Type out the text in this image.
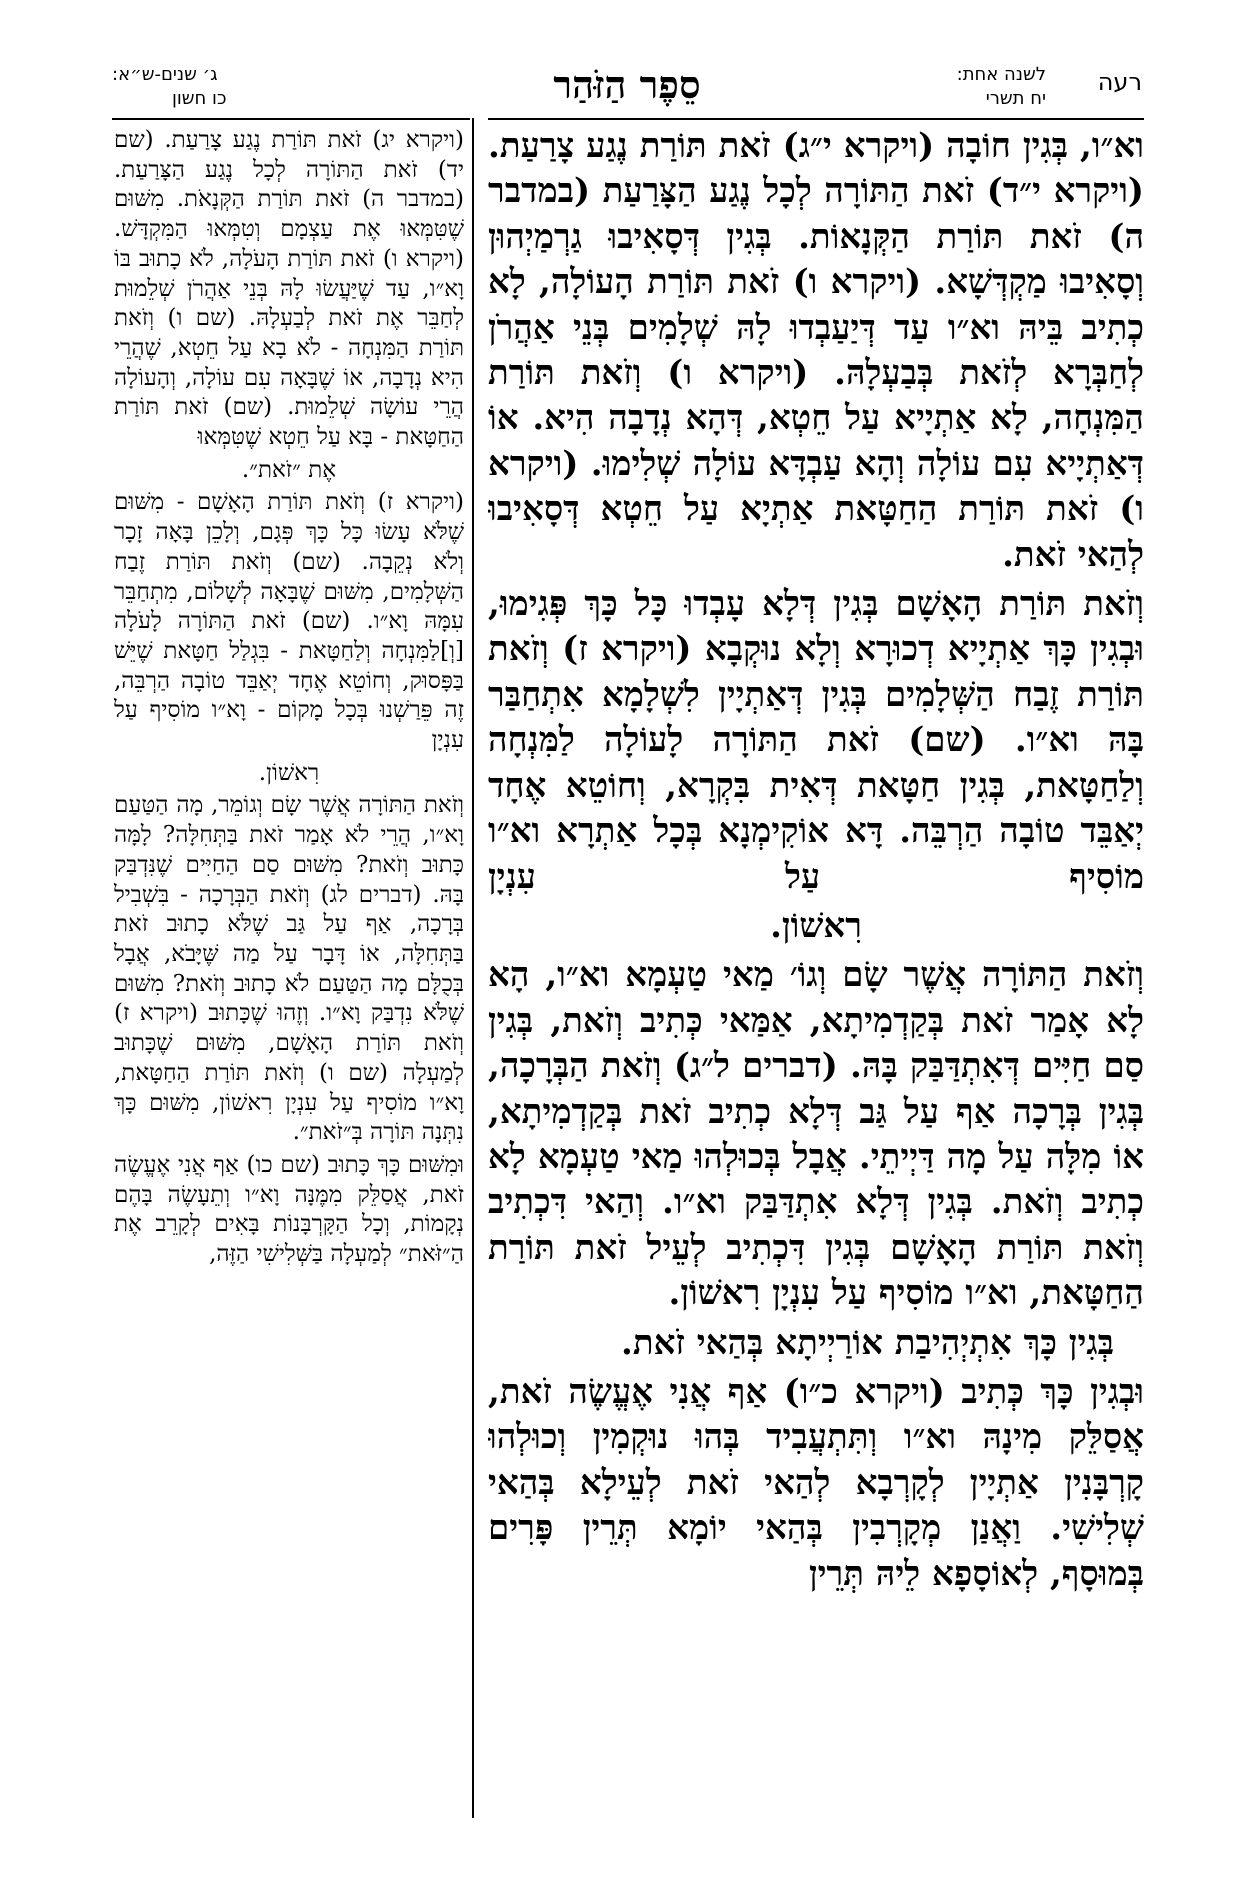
רעה
לשנה אחת:
יח תשרי
סֵפֶר הַזֹּהַר
ג׳ שנים-ש״א:
כו חשון

וא״ו, בְּגִין חוֹבָה (ויקרא י״ג) זֹאת תּוֹרַת נֶגַע צָרַעַת. (ויקרא י״ד) זֹאת הַתּוֹרָה לְכָל נֶגַע הַצָּרַעַת (במדבר ה) זֹאת תּוֹרַת הַקְּנָאוֹת. בְּגִין דְּסָאִיבוּ גַרְמַיְהוּן וְסָאִיבוּ מַקְדְּשָׁא. (ויקרא ו) זֹאת תּוֹרַת הָעוֹלָה, לָא כְתִיב בֵּיהּ וא״ו עַד דְּיַעַבְדוּ לָהּ שְׁלָמִים בְּנֵי אַהֲרֹן לְחַבְּרָא לְזֹאת בְּבַעְלָהּ. (ויקרא ו) וְזֹאת תּוֹרַת הַמִּנְחָה, לָא אַתְיָיא עַל חֵטְא, דְּהָא נְדָבָה הִיא. אוֹ דְּאַתְיָיא עִם עוֹלָה וְהָא עַבְדָּא עוֹלָה שְׁלִימוּ. (ויקרא ו) זֹאת תּוֹרַת הַחַטָּאת אַתְיָא עַל חֵטְא דְּסָאִיבוּ לְהַאי זֹאת.

וְזֹאת תּוֹרַת הָאָשָׁם בְּגִין דְּלָא עָבְדוּ כָּל כָּךְ פְּגִימוּ, וּבְגִין כָּךְ אַתְיָיא דְכוּרָא וְלָא נוּקְבָא (ויקרא ז) וְזֹאת תּוֹרַת זֶבַח הַשְּׁלָמִים בְּגִין דְּאַתְיָין לִשְׁלָמָא אִתְחַבַּר בָּהּ וא״ו. (שם) זֹאת הַתּוֹרָה לָעוֹלָה לַמִּנְחָה וְלַחַטָּאת, בְּגִין חַטָּאת דְּאִית בִּקְרָא, וְחוֹטֵא אֶחָד יְאַבֵּד טוֹבָה הַרְבֵּה. דָּא אוֹקִימְנָא בְּכָל אַתְרָא וא״ו מוֹסִיף עַל עִנְיָן

רִאשׁוֹן.

וְזֹאת הַתּוֹרָה אֲשֶׁר שָׂם וְגוֹ׳ מַאי טַעְמָא וא״ו, הָא לָא אָמַר זֹאת בְּקַדְמִיתָא, אַמַּאי כְּתִיב וְזֹאת, בְּגִין סַם חַיִּים דְּאִתְדַּבַּק בָּהּ. (דברים ל״ג) וְזֹאת הַבְּרָכָה, בְּגִין בְּרָכָה אַף עַל גַּב דְּלָא כְתִיב זֹאת בְּקַדְמִיתָא, אוֹ מִלָּה עַל מָה דַּיְיתֵי. אֲבָל בְּכוּלְהוּ מַאי טַעְמָא לָא כְתִיב וְזֹאת. בְּגִין דְּלָא אִתְדַּבַּק וא״ו. וְהַאי דִּכְתִיב וְזֹאת תּוֹרַת הָאָשָׁם בְּגִין דִּכְתִיב לְעֵיל זֹאת תּוֹרַת הַחַטָּאת, וא״ו מוֹסִיף עַל עִנְיָן רִאשׁוֹן.

בְּגִין כָּךְ אִתְיְהִיבַת אוֹרַיְיתָא בְּהַאי זֹאת.

וּבְגִין כָּךְ כְּתִיב (ויקרא כ״ו) אַף אֲנִי אֶעֱשֶׂה זֹאת, אֲסַלֵּק מִינָהּ וא״ו וְתִּתְעֲבִיד בְּהוּ נוּקְמִין וְכוּלְהוּ קָרְבָּנִין אַתְיָין לְקָרְבָא לְהַאי זֹאת לְעֵילָא בְּהַאי שְׁלִישִׁי. וַאֲנַן מְקָרְבִין בְּהַאי יוֹמָא תְּרֵין פָּרִים בְּמוּסָף, לְאוֹסָפָא לֵיהּ תְּרֵין

(ויקרא יג) זֹאת תּוֹרַת נֶגַע צָרַעַת. (שם יד) זֹאת הַתּוֹרָה לְכָל נֶגַע הַצָּרַעַת. (במדבר ה) זֹאת תּוֹרַת הַקְּנָאֹת. מִשּׁוּם שֶׁטִּמְּאוּ אֶת עַצְמָם וְטִמְּאוּ הַמִּקְדָּשׁ. (ויקרא ו) זֹאת תּוֹרַת הָעֹלָה, לֹא כָתוּב בּוֹ וָא״ו, עַד שֶׁיַּעֲשׂוּ לָהּ בְּנֵי אַהֲרֹן שְׁלֵמוּת לְחַבֵּר אֶת זֹאת לְבַעְלָהּ. (שם ו) וְזֹאת תּוֹרַת הַמִּנְחָה - לֹא בָא עַל חֵטְא, שֶׁהֲרֵי הִיא נְדָבָה, אוֹ שֶׁבָּאָה עִם עוֹלָה, וְהָעוֹלָה הֲרֵי עוֹשָׂה שְׁלֵמוּת. (שם) זֹאת תּוֹרַת הַחַטָּאת - בָּא עַל חֵטְא שֶׁטִּמְּאוּ

אֶת ״זֹאת״.

(ויקרא ז) וְזֹאת תּוֹרַת הָאָשָׁם - מִשּׁוּם שֶׁלֹּא עָשׂוּ כָּל כָּךְ פְּגָם, וְלָכֵן בָּאָה זָכָר וְלֹא נְקֵבָה. (שם) וְזֹאת תּוֹרַת זֶבַח הַשְּׁלָמִים, מִשּׁוּם שֶׁבָּאָה לְשָׁלוֹם, מִתְחַבֵּר עִמָּהּ וָא״ו. (שם) זֹאת הַתּוֹרָה לָעֹלָה [וְ]לַמִּנְחָה וְלַחַטָּאת - בִּגְלַל חַטָּאת שֶׁיֵּשׁ בַּפָּסוּק, וְחוֹטֵא אֶחָד יְאַבֵּד טוֹבָה הַרְבֵּה, זֶה פֵּרַשְׁנוּ בְּכָל מָקוֹם - וָא״ו מוֹסִיף עַל עִנְיָן

רִאשׁוֹן.

וְזֹאת הַתּוֹרָה אֲשֶׁר שָׂם וְגוֹמֵר, מָה הַטַּעַם וָא״ו, הֲרֵי לֹא אָמַר זֹאת בַּתְּחִלָּה? לָמָּה כָּתוּב וְזֹאת? מִשּׁוּם סַם הַחַיִּים שֶׁנִּדְבַּק בָּהּ. (דברים לג) וְזֹאת הַבְּרָכָה - בִּשְׁבִיל בְּרָכָה, אַף עַל גַּב שֶׁלֹּא כָתוּב זֹאת בַּתְּחִלָּה, אוֹ דָּבָר עַל מַה שֶּׁיָּבֹא, אֲבָל בְּכֻלָּם מָה הַטַּעַם לֹא כָתוּב וְזֹאת? מִשּׁוּם שֶׁלֹּא נִדְבַּק וָא״ו. וְזֶהוּ שֶׁכָּתוּב (ויקרא ז) וְזֹאת תּוֹרַת הָאָשָׁם, מִשּׁוּם שֶׁכָּתוּב לְמַעְלָה (שם ו) וְזֹאת תּוֹרַת הַחַטָּאת, וָא״ו מוֹסִיף עַל עִנְיָן רִאשׁוֹן, מִשּׁוּם כָּךְ נִתְּנָה תּוֹרָה בְּ״זֹאת״.

וּמִשּׁוּם כָּךְ כָּתוּב (שם כו) אַף אֲנִי אֶעֱשֶׂה זֹאת, אֲסַלֵּק מִמֶּנָּה וָא״ו וְתֵעָשֶׂה בָּהֶם נְקָמוֹת, וְכָל הַקָּרְבָּנוֹת בָּאִים לְקָרֵב אֶת הַ״זֹּאת״ לְמַעְלָה בַּשְּׁלִישִׁי הַזֶּה,
